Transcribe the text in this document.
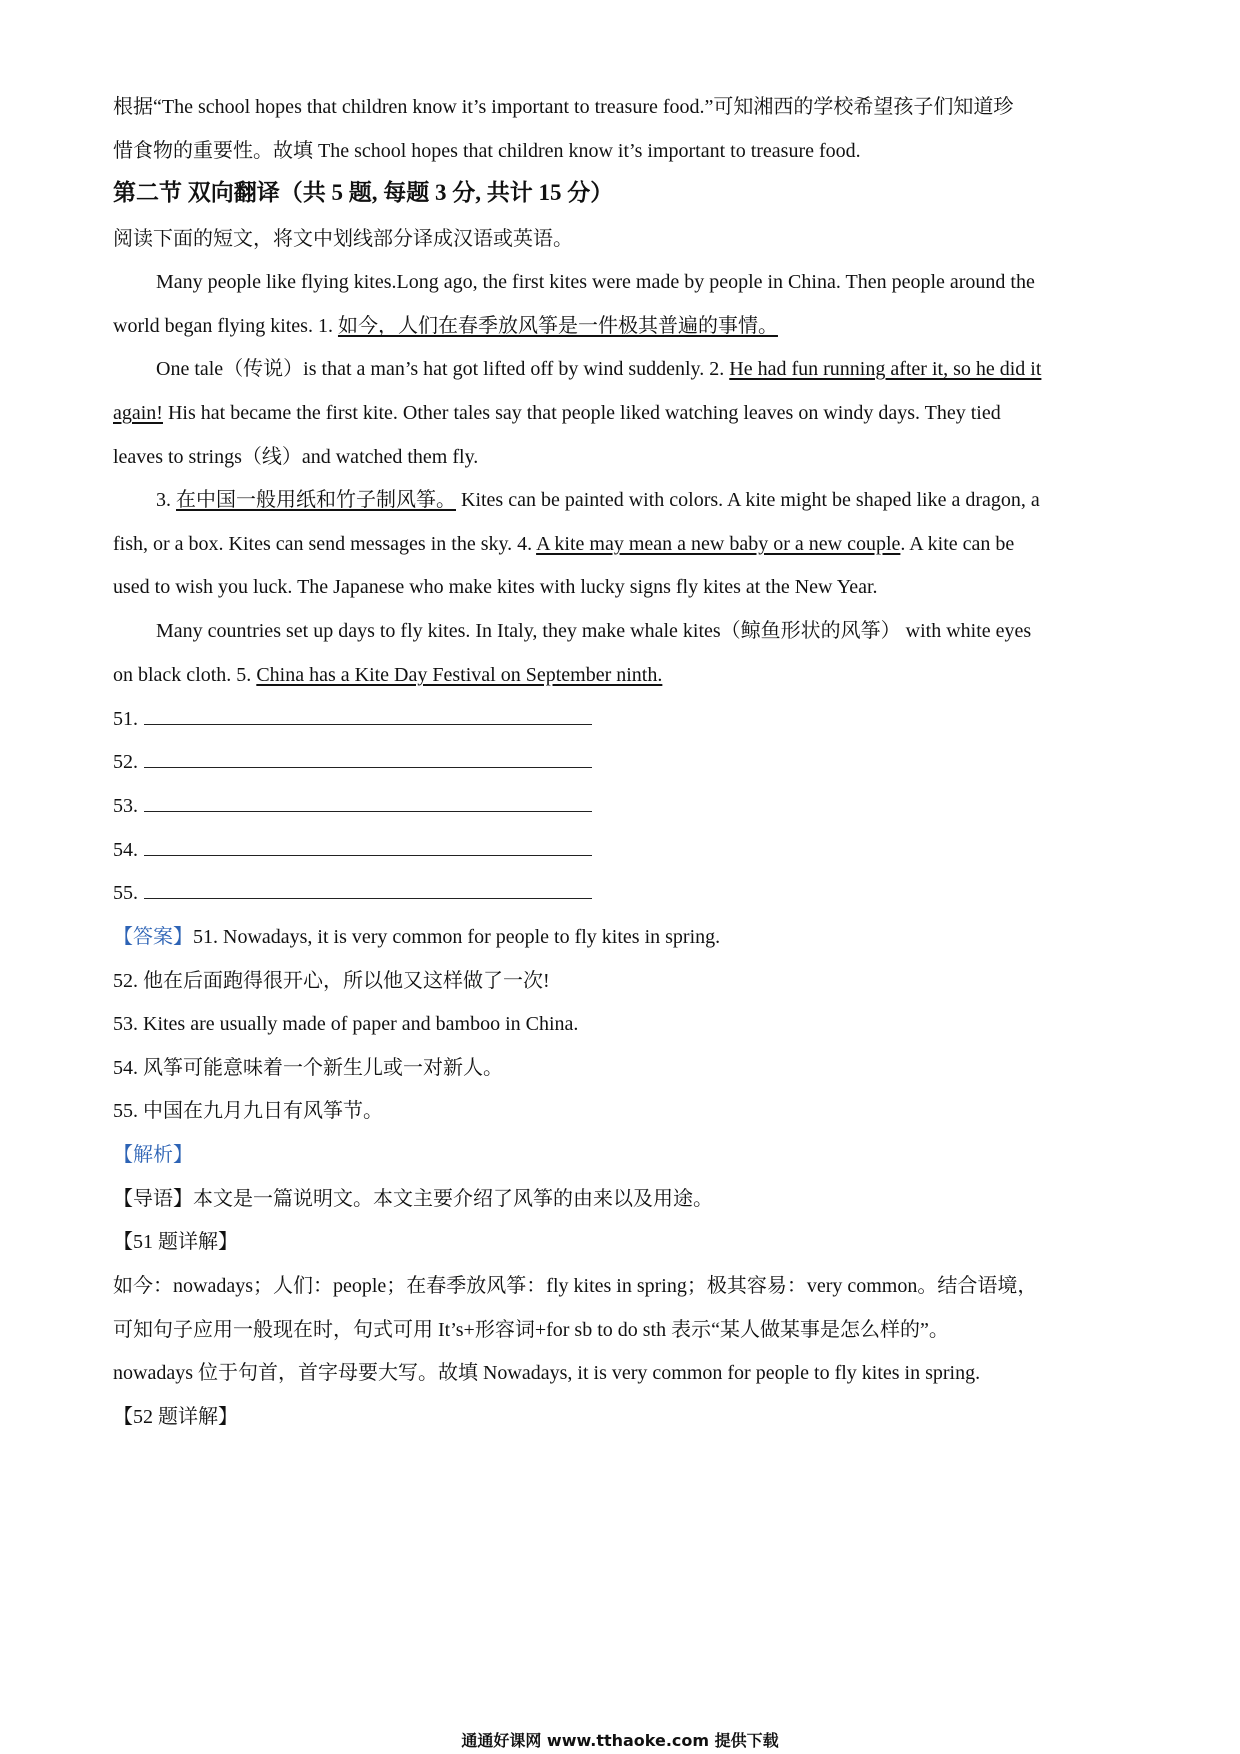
根据“The school hopes that children know it’s important to treasure food.”可知湘西的学校希望孩子们知道珍
惜食物的重要性。故填 The school hopes that children know it’s important to treasure food.
第二节 双向翻译（共 5 题, 每题 3 分, 共计 15 分）
阅读下面的短文，将文中划线部分译成汉语或英语。
Many people like flying kites.Long ago, the first kites were made by people in China. Then people around the
world began flying kites. 1. 如今，人们在春季放风筝是一件极其普遍的事情。
One tale（传说）is that a man’s hat got lifted off by wind suddenly. 2. He had fun running after it, so he did it
again! His hat became the first kite. Other tales say that people liked watching leaves on windy days. They tied
leaves to strings（线）and watched them fly.
3. 在中国一般用纸和竹子制风筝。 Kites can be painted with colors. A kite might be shaped like a dragon, a
fish, or a box. Kites can send messages in the sky. 4. A kite may mean a new baby or a new couple. A kite can be
used to wish you luck. The Japanese who make kites with lucky signs fly kites at the New Year.
Many countries set up days to fly kites. In Italy, they make whale kites（鲸鱼形状的风筝） with white eyes
on black cloth. 5. China has a Kite Day Festival on September ninth.
51.
52.
53.
54.
55.
【答案】51. Nowadays, it is very common for people to fly kites in spring.
52. 他在后面跑得很开心，所以他又这样做了一次!
53. Kites are usually made of paper and bamboo in China.
54. 风筝可能意味着一个新生儿或一对新人。
55. 中国在九月九日有风筝节。
【解析】
【导语】本文是一篇说明文。本文主要介绍了风筝的由来以及用途。
【51 题详解】
如今：nowadays；人们：people；在春季放风筝：fly kites in spring；极其容易：very common。结合语境，
可知句子应用一般现在时，句式可用 It’s+形容词+for sb to do sth 表示“某人做某事是怎么样的”。
nowadays 位于句首，首字母要大写。故填 Nowadays, it is very common for people to fly kites in spring.
【52 题详解】
通通好课网 www.tthaoke.com 提供下载
